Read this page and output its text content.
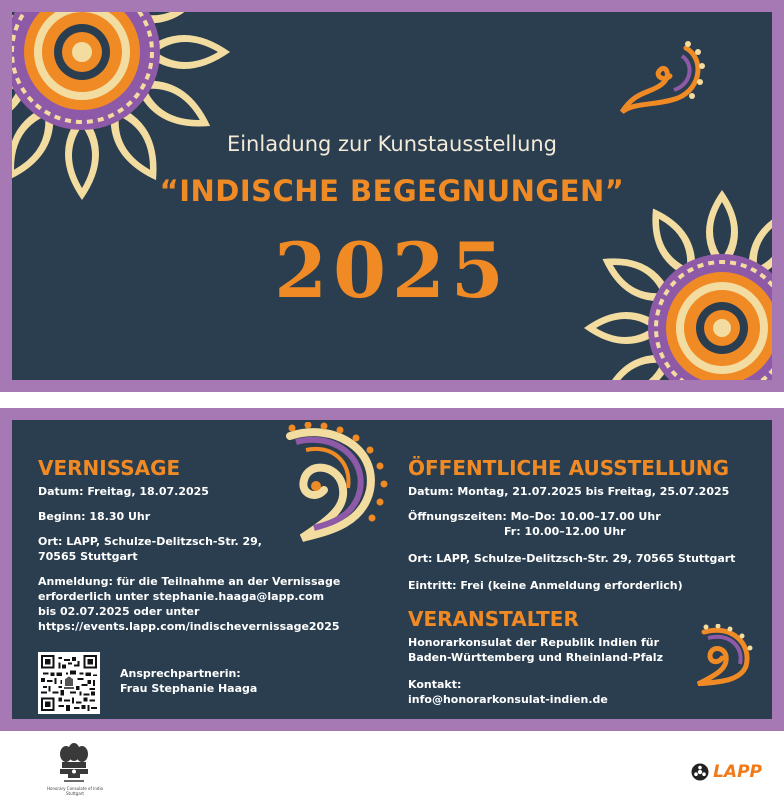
Einladung zur Kunstausstellung
“INDISCHE BEGEGNUNGEN”
2025
VERNISSAGE
Datum: Freitag, 18.07.2025
Beginn: 18.30 Uhr
Ort: LAPP, Schulze-Delitzsch-Str. 29,
70565 Stuttgart
Anmeldung: für die Teilnahme an der Vernissage
erforderlich unter stephanie.haaga@lapp.com
bis 02.07.2025 oder unter
https://events.lapp.com/indischevernissage2025
Ansprechpartnerin:
Frau Stephanie Haaga
ÖFFENTLICHE AUSSTELLUNG
Datum: Montag, 21.07.2025 bis Freitag, 25.07.2025
Öffnungszeiten: Mo–Do: 10.00–17.00 Uhr
Fr: 10.00–12.00 Uhr
Ort: LAPP, Schulze-Delitzsch-Str. 29, 70565 Stuttgart
Eintritt: Frei (keine Anmeldung erforderlich)
VERANSTALTER
Honorarkonsulat der Republik Indien für
Baden-Württemberg und Rheinland-Pfalz
Kontakt:
info@honorarkonsulat-indien.de
Honorary Consulate of India
Stuttgart
LAPP
